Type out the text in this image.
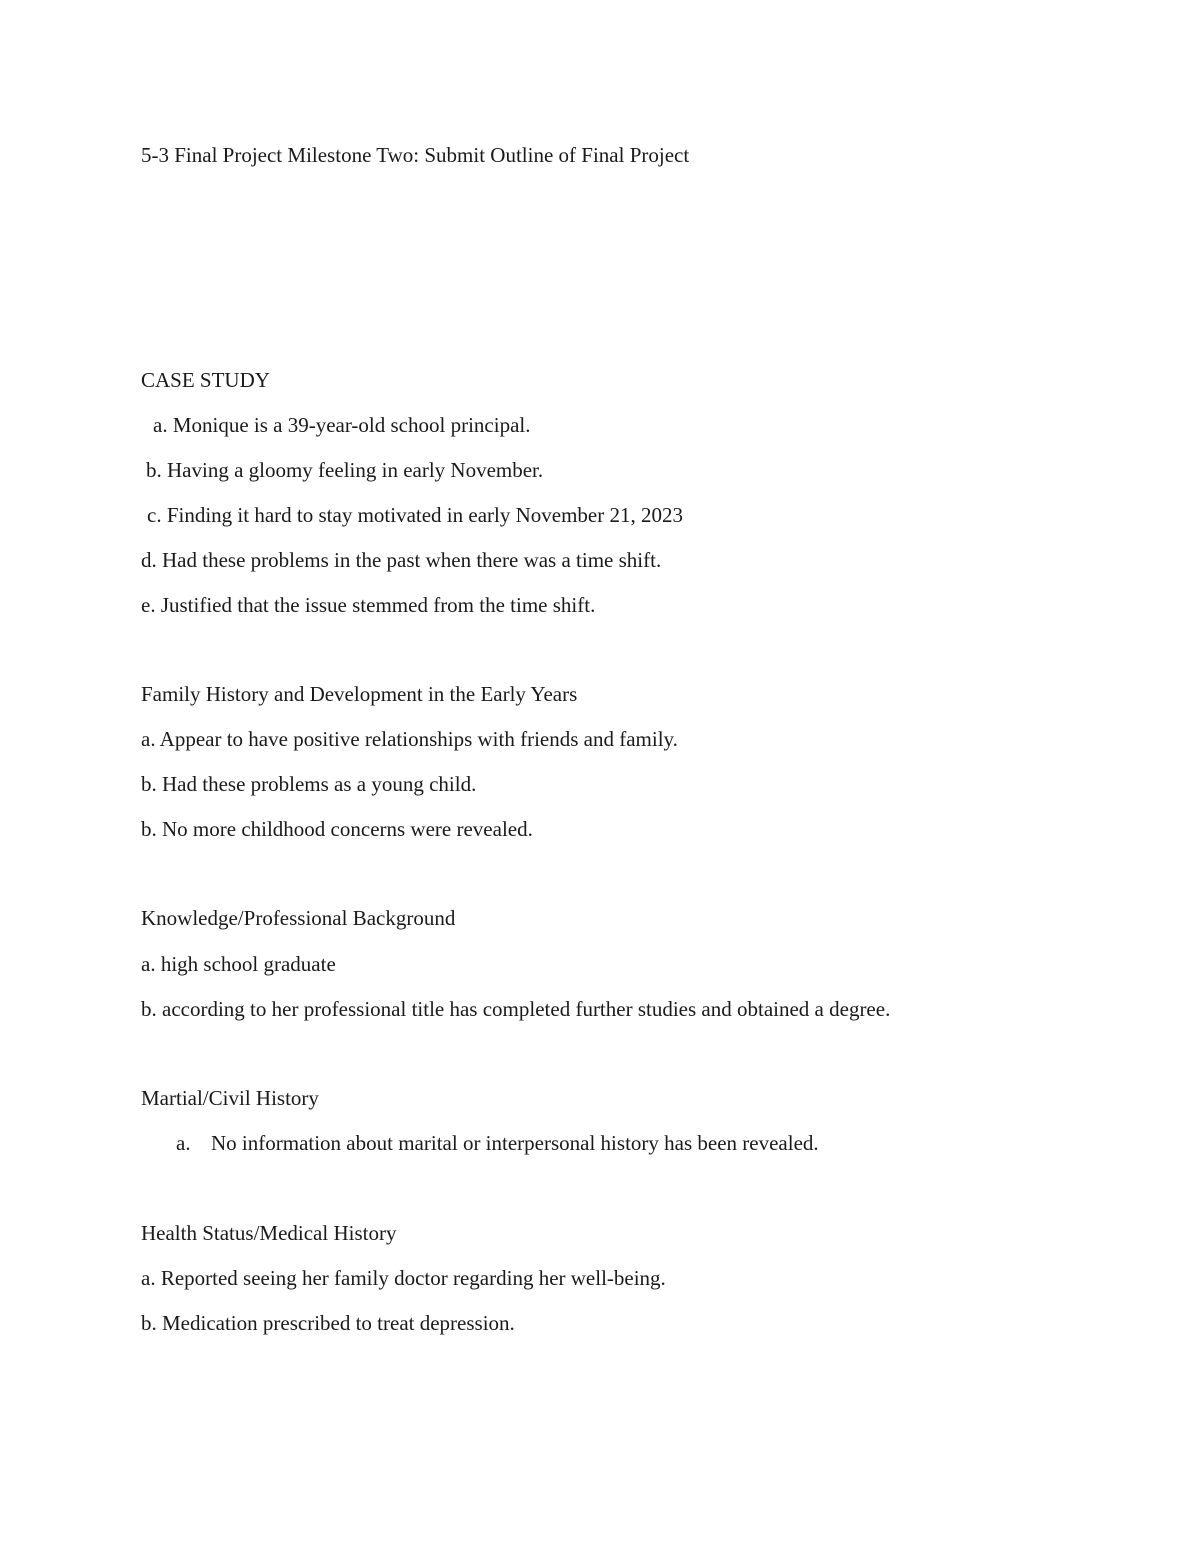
5-3 Final Project Milestone Two: Submit Outline of Final Project
CASE STUDY
a. Monique is a 39-year-old school principal.
b. Having a gloomy feeling in early November.
c. Finding it hard to stay motivated in early November 21, 2023
d. Had these problems in the past when there was a time shift.
e. Justified that the issue stemmed from the time shift.
Family History and Development in the Early Years
a. Appear to have positive relationships with friends and family.
b. Had these problems as a young child.
b. No more childhood concerns were revealed.
Knowledge/Professional Background
a. high school graduate
b. according to her professional title has completed further studies and obtained a degree.
Martial/Civil History
a. No information about marital or interpersonal history has been revealed.
Health Status/Medical History
a. Reported seeing her family doctor regarding her well-being.
b. Medication prescribed to treat depression.
